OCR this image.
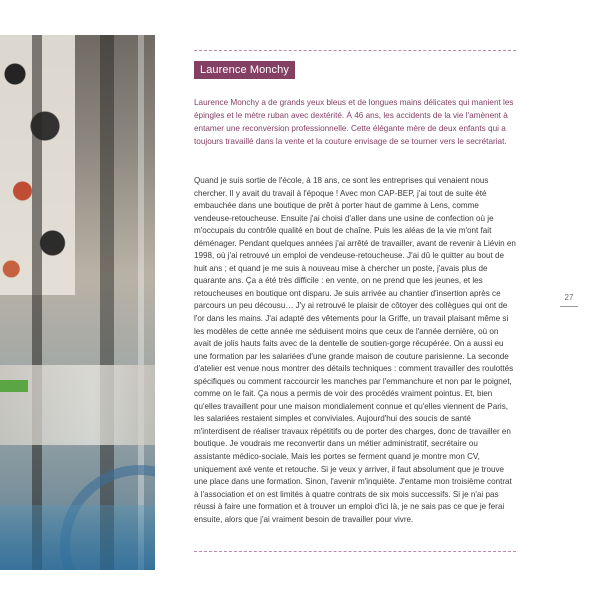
Laurence Monchy

Laurence Monchy a de grands yeux bleus et de longues mains délicates qui manient les épingles et le mètre ruban avec dextérité. À 46 ans, les accidents de la vie l'amènent à entamer une reconversion professionnelle. Cette élégante mère de deux enfants qui a toujours travaillé dans la vente et la couture envisage de se tourner vers le secrétariat.

Quand je suis sortie de l'école, à 18 ans, ce sont les entreprises qui venaient nous chercher. Il y avait du travail à l'époque ! Avec mon CAP-BEP, j'ai tout de suite été embauchée dans une boutique de prêt à porter haut de gamme à Lens, comme vendeuse-retoucheuse. Ensuite j'ai choisi d'aller dans une usine de confection où je m'occupais du contrôle qualité en bout de chaîne. Puis les aléas de la vie m'ont fait déménager. Pendant quelques années j'ai arrêté de travailler, avant de revenir à Liévin en 1998, où j'ai retrouvé un emploi de vendeuse-retoucheuse. J'ai dû le quitter au bout de huit ans ; et quand je me suis à nouveau mise à chercher un poste, j'avais plus de quarante ans. Ça a été très difficile : en vente, on ne prend que les jeunes, et les retoucheuses en boutique ont disparu. Je suis arrivée au chantier d'insertion après ce parcours un peu décousu… J'y ai retrouvé le plaisir de côtoyer des collègues qui ont de l'or dans les mains. J'ai adapté des vêtements pour la Griffe, un travail plaisant même si les modèles de cette année me séduisent moins que ceux de l'année dernière, où on avait de jolis hauts faits avec de la dentelle de soutien-gorge récupérée. On a aussi eu une formation par les salariées d'une grande maison de couture parisienne. La seconde d'atelier est venue nous montrer des détails techniques : comment travailler des roulottés spécifiques ou comment raccourcir les manches par l'emmanchure et non par le poignet, comme on le fait. Ça nous a permis de voir des procédés vraiment pointus. Et, bien qu'elles travaillent pour une maison mondialement connue et qu'elles viennent de Paris, les salariées restaient simples et conviviales. Aujourd'hui des soucis de santé m'interdisent de réaliser travaux répétitifs ou de porter des charges, donc de travailler en boutique. Je voudrais me reconvertir dans un métier administratif, secrétaire ou assistante médico-sociale. Mais les portes se ferment quand je montre mon CV, uniquement axé vente et retouche. Si je veux y arriver, il faut absolument que je trouve une place dans une formation. Sinon, l'avenir m'inquiète. J'entame mon troisième contrat à l'association et on est limités à quatre contrats de six mois successifs. Si je n'ai pas réussi à faire une formation et à trouver un emploi d'ici là, je ne sais pas ce que je ferai ensuite, alors que j'ai vraiment besoin de travailler pour vivre.

27
